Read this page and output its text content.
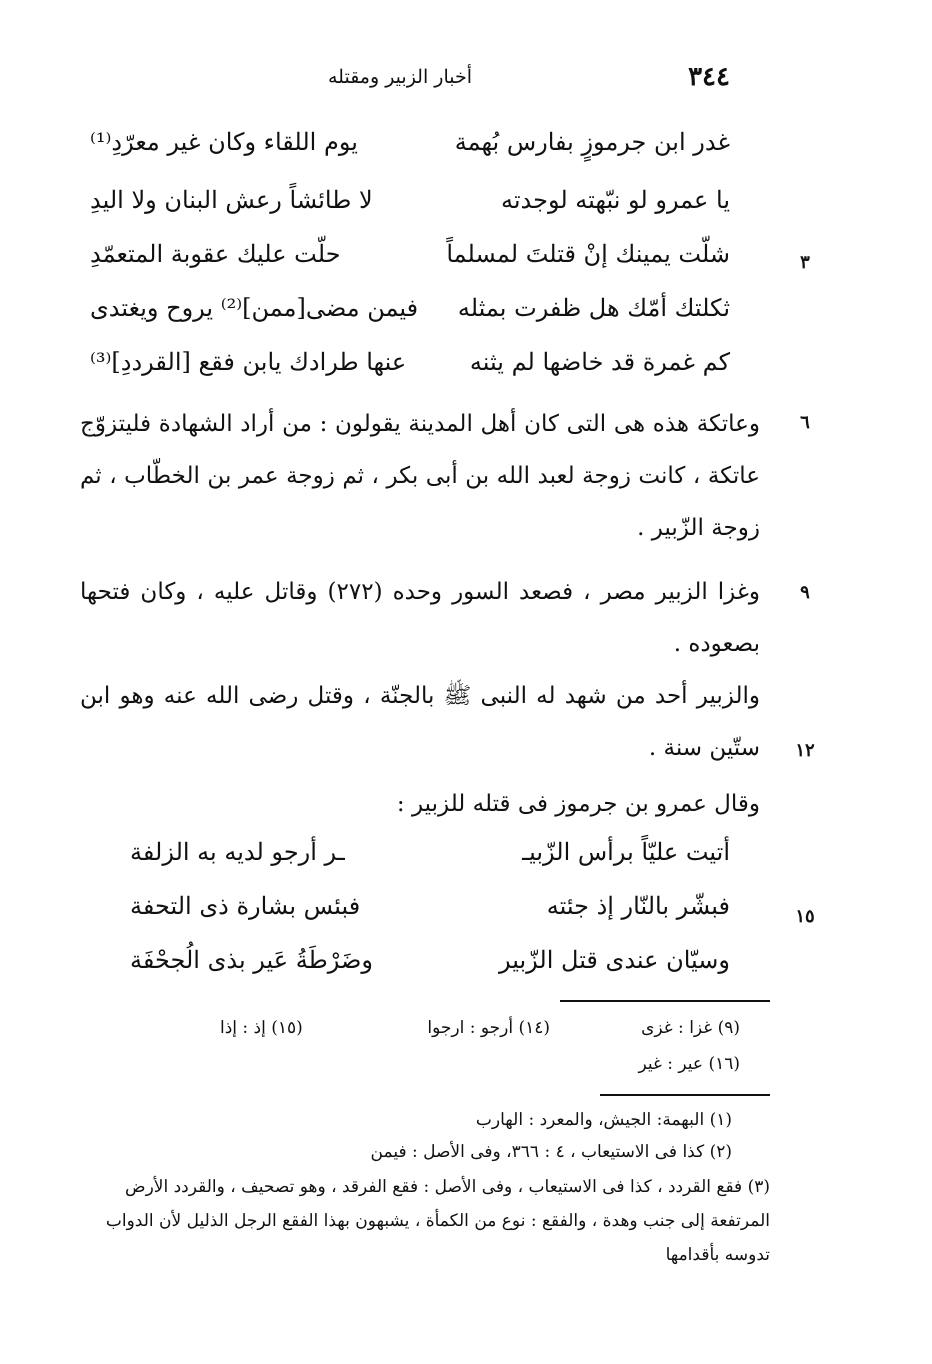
٣٤٤
أخبار الزبير ومقتله
غدر ابن جرموزٍ بفارس بُهمة
يوم اللقاء وكان غير معرّدِ⁽¹⁾
يا عمرو لو نبّهته لوجدته
لا طائشاً رعش البنان ولا اليدِ
شلّت يمينك إنْ قتلتَ لمسلماً
حلّت عليك عقوبة المتعمّدِ
ثكلتك أمّك هل ظفرت بمثله
فيمن مضى[ممن]⁽²⁾ يروح ويغتدى
كم غمرة قد خاضها لم يثنه
عنها طرادك يابن فقع [القرددِ]⁽³⁾
وعاتكة هذه هى التى كان أهل المدينة يقولون : من أراد الشهادة فليتزوّج عاتكة ، كانت زوجة لعبد الله بن أبى بكر ، ثم زوجة عمر بن الخطّاب ، ثم زوجة الزّبير .
وغزا الزبير مصر ، فصعد السور وحده (٢٧٢) وقاتل عليه ، وكان فتحها بصعوده .
والزبير أحد من شهد له النبى ﷺ بالجنّة ، وقتل رضى الله عنه وهو ابن ستّين سنة .
وقال عمرو بن جرموز فى قتله للزبير :
أتيت عليّاً برأس الزّبيـ
ـر أرجو لديه به الزلفة
فبشّر بالنّار إذ جئته
فبئس بشارة ذى التحفة
وسيّان عندى قتل الزّبير
وضَرْطَةُ عَير بذى الُجحْفَة
٣
٦
٩
١٢
١٥
(٩) غزا : غزى
(١٤) أرجو : ارجوا
(١٥) إذ : إذا
(١٦) عير : غير
(١) البهمة: الجيش، والمعرد : الهارب
(٢) كذا فى الاستيعاب ، ٤ : ٣٦٦، وفى الأصل : فيمن
(٣) فقع القردد ، كذا فى الاستيعاب ، وفى الأصل : فقع الفرقد ، وهو تصحيف ، والقردد الأرض المرتفعة إلى جنب وهدة ، والفقع : نوع من الكمأة ، يشبهون بهذا الفقع الرجل الذليل لأن الدواب تدوسه بأقدامها
